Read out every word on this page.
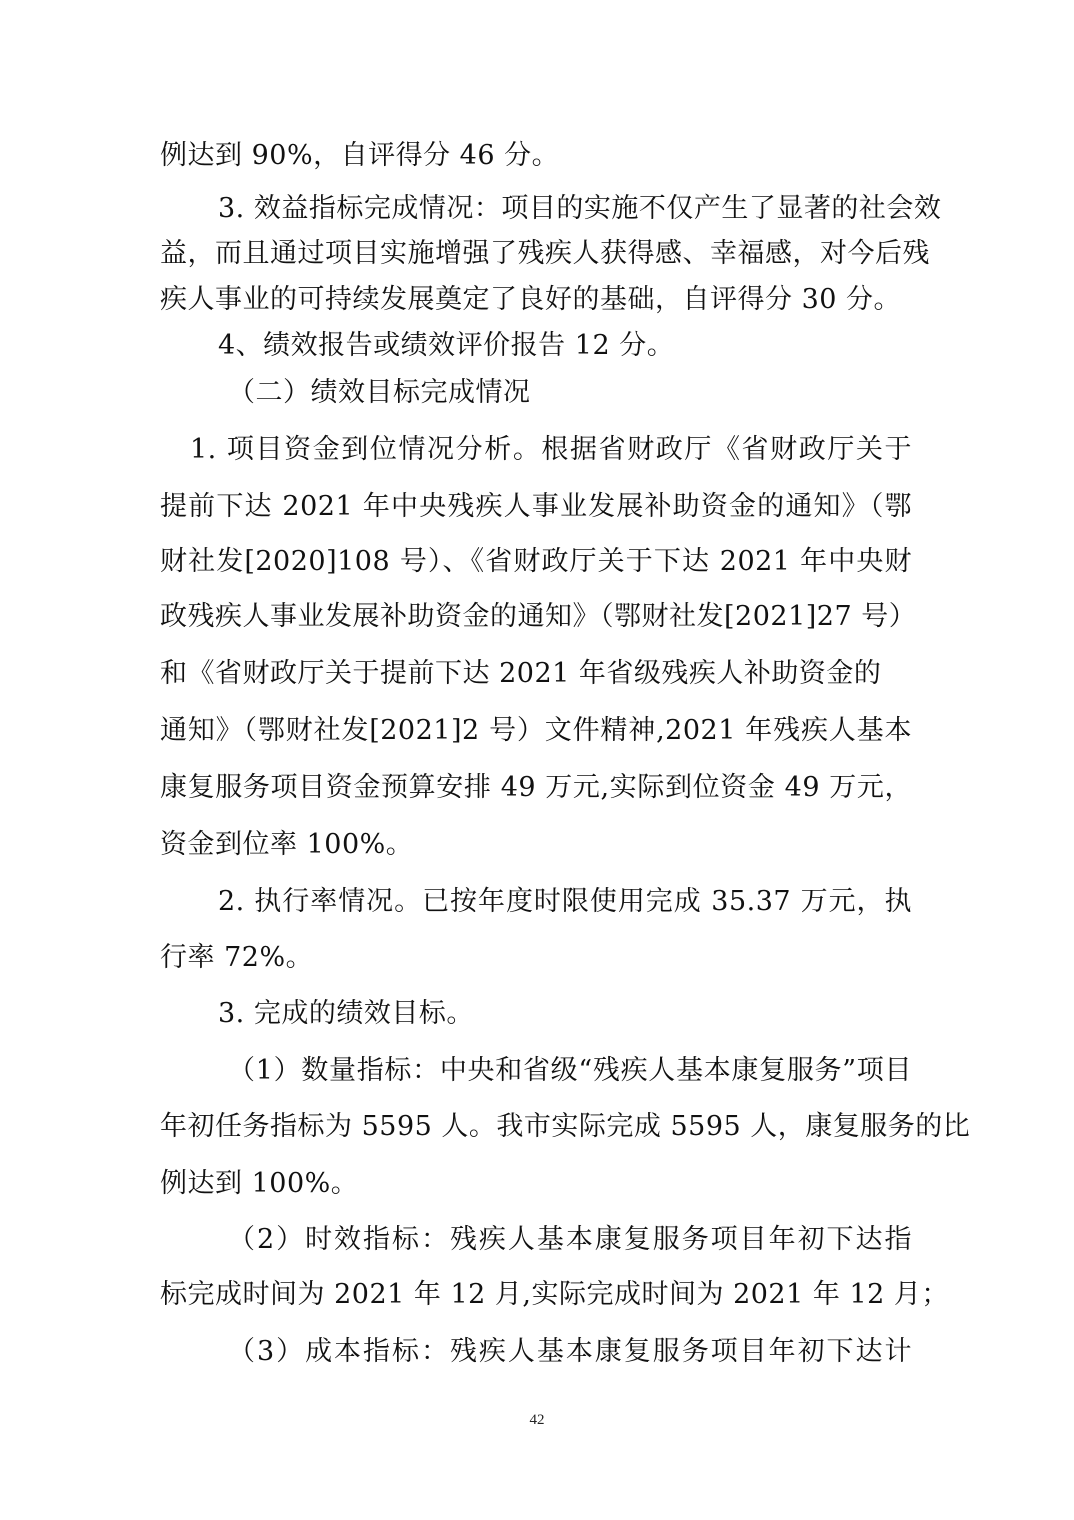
例达到 90%，自评得分 46 分。
3. 效益指标完成情况：项目的实施不仅产生了显著的社会效
益，而且通过项目实施增强了残疾人获得感、幸福感，对今后残
疾人事业的可持续发展奠定了良好的基础，自评得分 30 分。
4、绩效报告或绩效评价报告 12 分。
（二）绩效目标完成情况
1. 项目资金到位情况分析。根据省财政厅《省财政厅关于
提前下达 2021 年中央残疾人事业发展补助资金的通知》（鄂
财社发[2020]108 号）、《省财政厅关于下达 2021 年中央财
政残疾人事业发展补助资金的通知》（鄂财社发[2021]27 号）
和《省财政厅关于提前下达 2021 年省级残疾人补助资金的
通知》（鄂财社发[2021]2 号）文件精神,2021 年残疾人基本
康复服务项目资金预算安排 49 万元,实际到位资金 49 万元，
资金到位率 100%。
2. 执行率情况。已按年度时限使用完成 35.37 万元，执
行率 72%。
3. 完成的绩效目标。
（1）数量指标：中央和省级“残疾人基本康复服务”项目
年初任务指标为 5595 人。我市实际完成 5595 人，康复服务的比
例达到 100%。
（2）时效指标：残疾人基本康复服务项目年初下达指
标完成时间为 2021 年 12 月,实际完成时间为 2021 年 12 月；
（3）成本指标：残疾人基本康复服务项目年初下达计
42
